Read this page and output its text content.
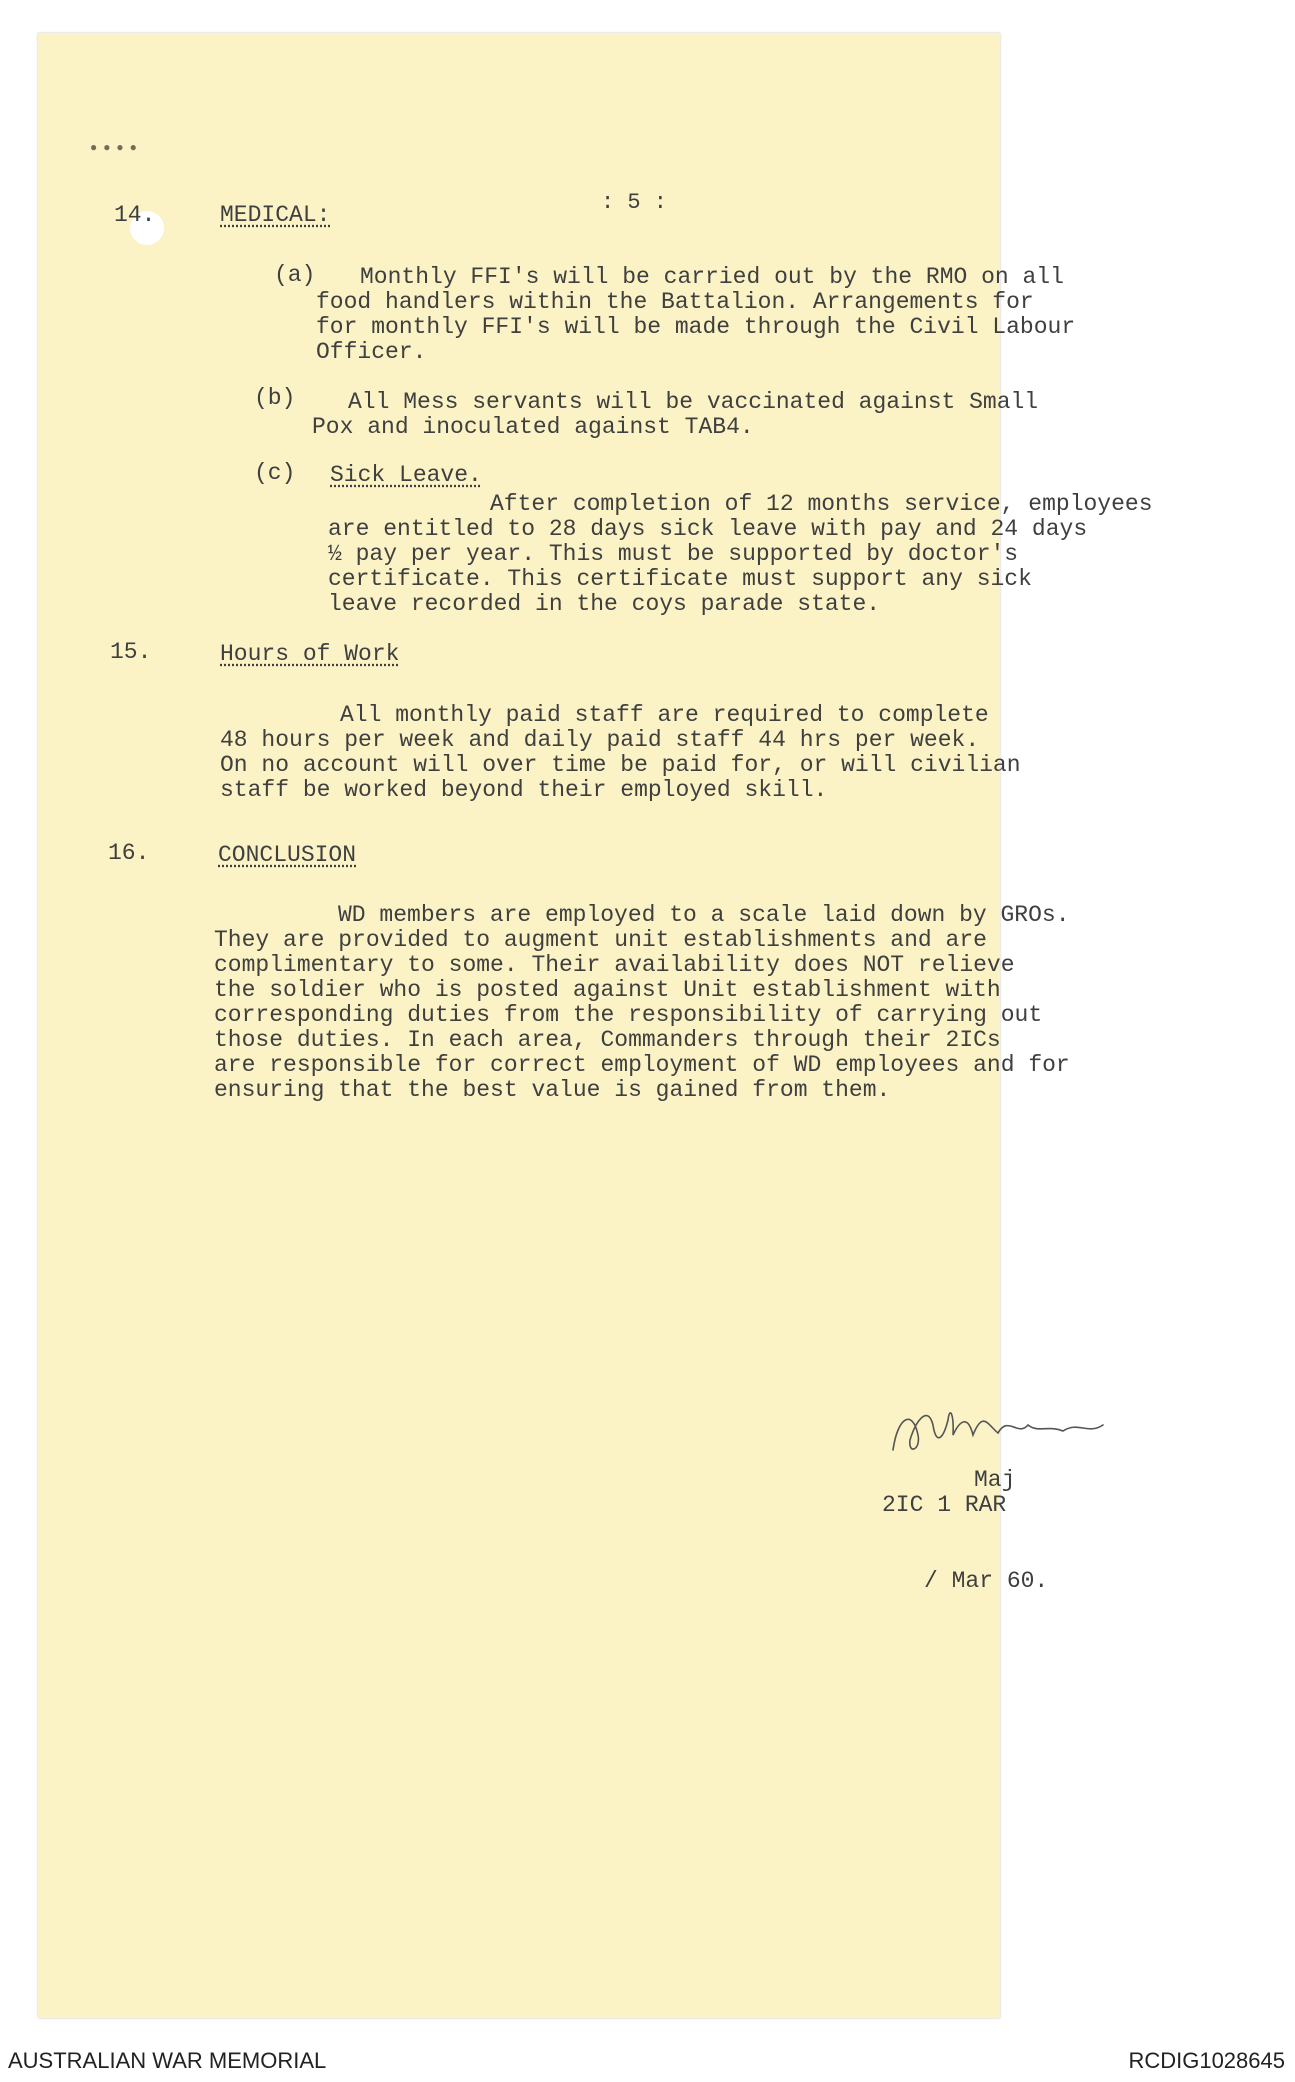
●●●●
: 5 :
14.	MEDICAL:
(a) Monthly FFI's will be carried out by the RMO on all
food handlers within the Battalion. Arrangements for
for monthly FFI's will be made through the Civil Labour
Officer.
(b) All Mess servants will be vaccinated against Small
Pox and inoculated against TAB4.
(c) Sick Leave.
After completion of 12 months service, employees
are entitled to 28 days sick leave with pay and 24 days
½ pay per year. This must be supported by doctor's
certificate. This certificate must support any sick
leave recorded in the coys parade state.
15.	Hours of Work
All monthly paid staff are required to complete
48 hours per week and daily paid staff 44 hrs per week.
On no account will over time be paid for, or will civilian
staff be worked beyond their employed skill.
16.	CONCLUSION
WD members are employed to a scale laid down by GROs.
They are provided to augment unit establishments and are
complimentary to some. Their availability does NOT relieve
the soldier who is posted against Unit establishment with
corresponding duties from the responsibility of carrying out
those duties. In each area, Commanders through their 2ICs
are responsible for correct employment of WD employees and for
ensuring that the best value is gained from them.
Maj
2IC 1 RAR
/ Mar 60.
AUSTRALIAN WAR MEMORIAL	RCDIG1028645
